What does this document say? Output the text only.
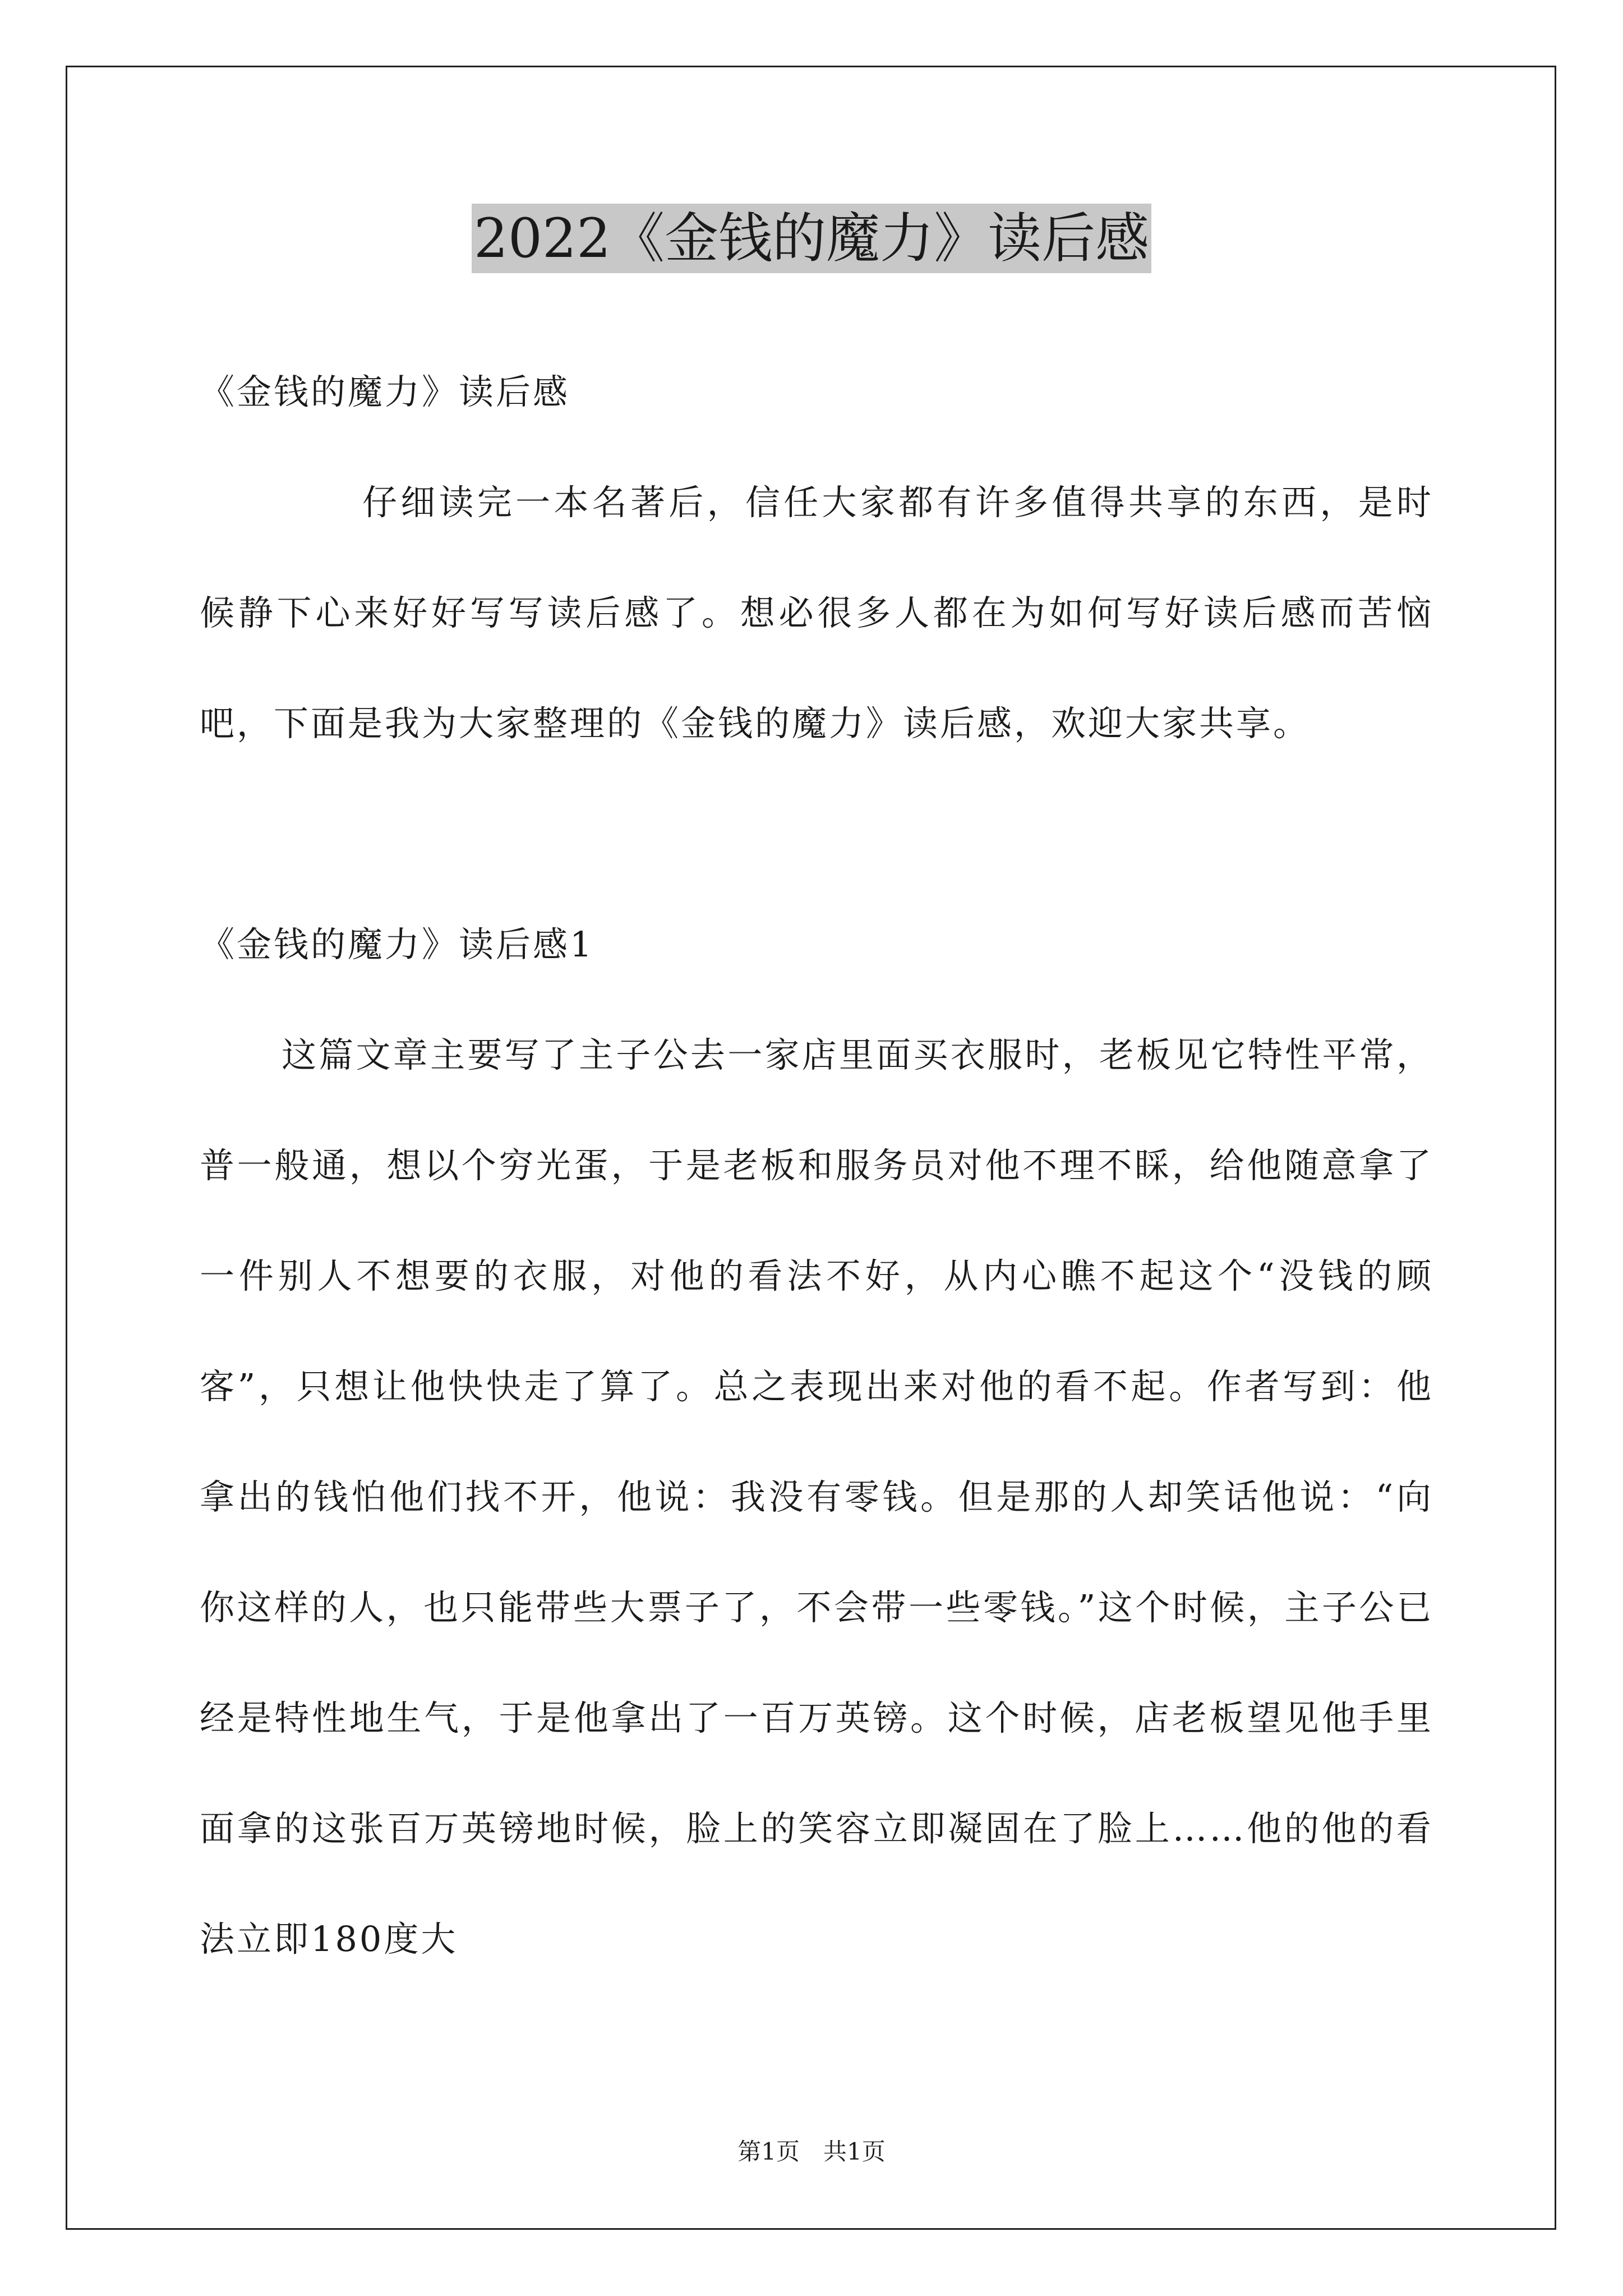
2022《金钱的魔力》读后感

《金钱的魔力》读后感

仔细读完一本名著后，信任大家都有许多值得共享的东西，是时候静下心来好好写写读后感了。想必很多人都在为如何写好读后感而苦恼吧，下面是我为大家整理的《金钱的魔力》读后感，欢迎大家共享。

《金钱的魔力》读后感1

这篇文章主要写了主子公去一家店里面买衣服时，老板见它特性平常，普一般通，想以个穷光蛋，于是老板和服务员对他不理不睬，给他随意拿了一件别人不想要的衣服，对他的看法不好，从内心瞧不起这个“没钱的顾客”，只想让他快快走了算了。总之表现出来对他的看不起。作者写到：他拿出的钱怕他们找不开，他说：我没有零钱。但是那的人却笑话他说：“向你这样的人，也只能带些大票子了，不会带一些零钱。”这个时候，主子公已经是特性地生气，于是他拿出了一百万英镑。这个时候，店老板望见他手里面拿的这张百万英镑地时候，脸上的笑容立即凝固在了脸上……他的他的看法立即180度大

第1页　共1页
